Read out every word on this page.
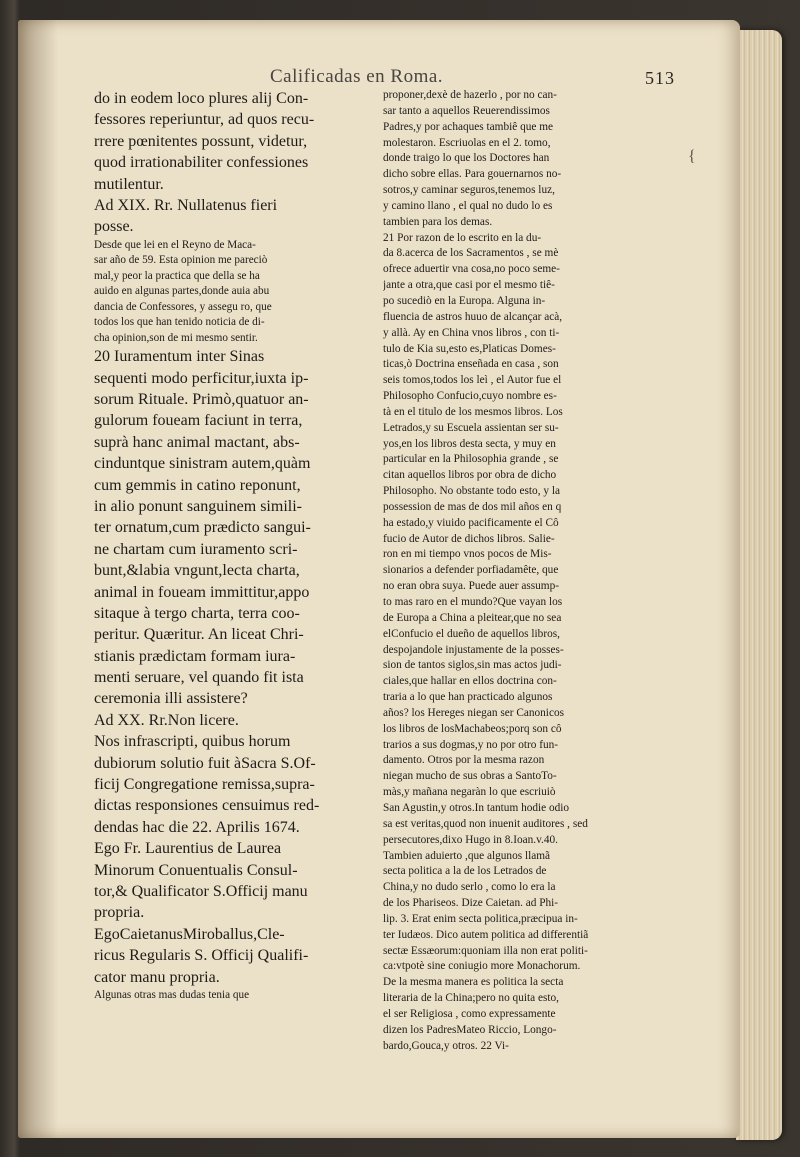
Calificadas en Roma.	513
{
do in eodem loco plures alij Con-
fessores reperiuntur, ad quos recu-
rrere pœnitentes possunt, videtur,
quod irrationabiliter confessiones
mutilentur.
Ad XIX. Rr. Nullatenus fieri
posse.
Desde que lei en el Reyno de Maca-
sar año de 59. Esta opinion me pareciò
mal,y peor la practica que della se ha
auido en algunas partes,donde auia abu
dancia de Confessores, y assegu ro, que
todos los que han tenido noticia de di-
cha opinion,son de mi mesmo sentir.
20 Iuramentum inter Sinas
sequenti modo perficitur,iuxta ip-
sorum Rituale. Primò,quatuor an-
gulorum foueam faciunt in terra,
suprà hanc animal mactant, abs-
cinduntque sinistram autem,quàm
cum gemmis in catino reponunt,
in alio ponunt sanguinem simili-
ter ornatum,cum prædicto sangui-
ne chartam cum iuramento scri-
bunt,&labia vngunt,lecta charta,
animal in foueam immittitur,appo
sitaque à tergo charta, terra coo-
peritur. Quæritur. An liceat Chri-
stianis prædictam formam iura-
menti seruare, vel quando fit ista
ceremonia illi assistere?
Ad XX. Rr.Non licere.
Nos infrascripti, quibus horum
dubiorum solutio fuit àSacra S.Of-
ficij Congregatione remissa,supra-
dictas responsiones censuimus red-
dendas hac die 22. Aprilis 1674.
Ego Fr. Laurentius de Laurea
Minorum Conuentualis Consul-
tor,& Qualificator S.Officij manu
propria.
EgoCaietanusMiroballus,Cle-
ricus Regularis S. Officij Qualifi-
cator manu propria.
Algunas otras mas dudas tenia que
proponer,dexè de hazerlo , por no can-
sar tanto a aquellos Reuerendissimos
Padres,y por achaques tambiê que me
molestaron. Escriuolas en el 2. tomo,
donde traigo lo que los Doctores han
dicho sobre ellas. Para gouernarnos no-
sotros,y caminar seguros,tenemos luz,
y camino llano , el qual no dudo lo es
tambien para los demas.
21 Por razon de lo escrito en la du-
da 8.acerca de los Sacramentos , se mè
ofrece aduertir vna cosa,no poco seme-
jante a otra,que casi por el mesmo tiê-
po sucediò en la Europa. Alguna in-
fluencia de astros huuo de alcançar acà,
y allà. Ay en China vnos libros , con ti-
tulo de Kia su,esto es,Platicas Domes-
ticas,ò Doctrina enseñada en casa , son
seis tomos,todos los leì , el Autor fue el
Philosopho Confucio,cuyo nombre es-
tà en el titulo de los mesmos libros. Los
Letrados,y su Escuela assientan ser su-
yos,en los libros desta secta, y muy en
particular en la Philosophia grande , se
citan aquellos libros por obra de dicho
Philosopho. No obstante todo esto, y la
possession de mas de dos mil años en q
ha estado,y viuido pacificamente el Cô
fucio de Autor de dichos libros. Salie-
ron en mi tiempo vnos pocos de Mis-
sionarios a defender porfiadamête, que
no eran obra suya. Puede auer assump-
to mas raro en el mundo?Que vayan los
de Europa a China a pleitear,que no sea
elConfucio el dueño de aquellos libros,
despojandole injustamente de la posses-
sion de tantos siglos,sin mas actos judi-
ciales,que hallar en ellos doctrina con-
traria a lo que han practicado algunos
años? los Hereges niegan ser Canonicos
los libros de losMachabeos;porq son cô
trarios a sus dogmas,y no por otro fun-
damento. Otros por la mesma razon
niegan mucho de sus obras a SantoTo-
màs,y mañana negaràn lo que escriuiò
San Agustin,y otros.In tantum hodie odio
sa est veritas,quod non inuenit auditores , sed
persecutores,dixo Hugo in 8.Ioan.v.40.
Tambien aduierto ,que algunos llamã
secta politica a la de los Letrados de
China,y no dudo serlo , como lo era la
de los Phariseos. Dize Caietan. ad Phi-
lip. 3. Erat enim secta politica,præcipua in-
ter Iudæos. Dico autem politica ad differentiã
sectæ Essæorum:quoniam illa non erat politi-
ca:vtpotè sine coniugio more Monachorum.
De la mesma manera es politica la secta
literaria de la China;pero no quita esto,
el ser Religiosa , como expressamente
dizen los PadresMateo Riccio, Longo-
bardo,Gouca,y otros. 22 Vi-
